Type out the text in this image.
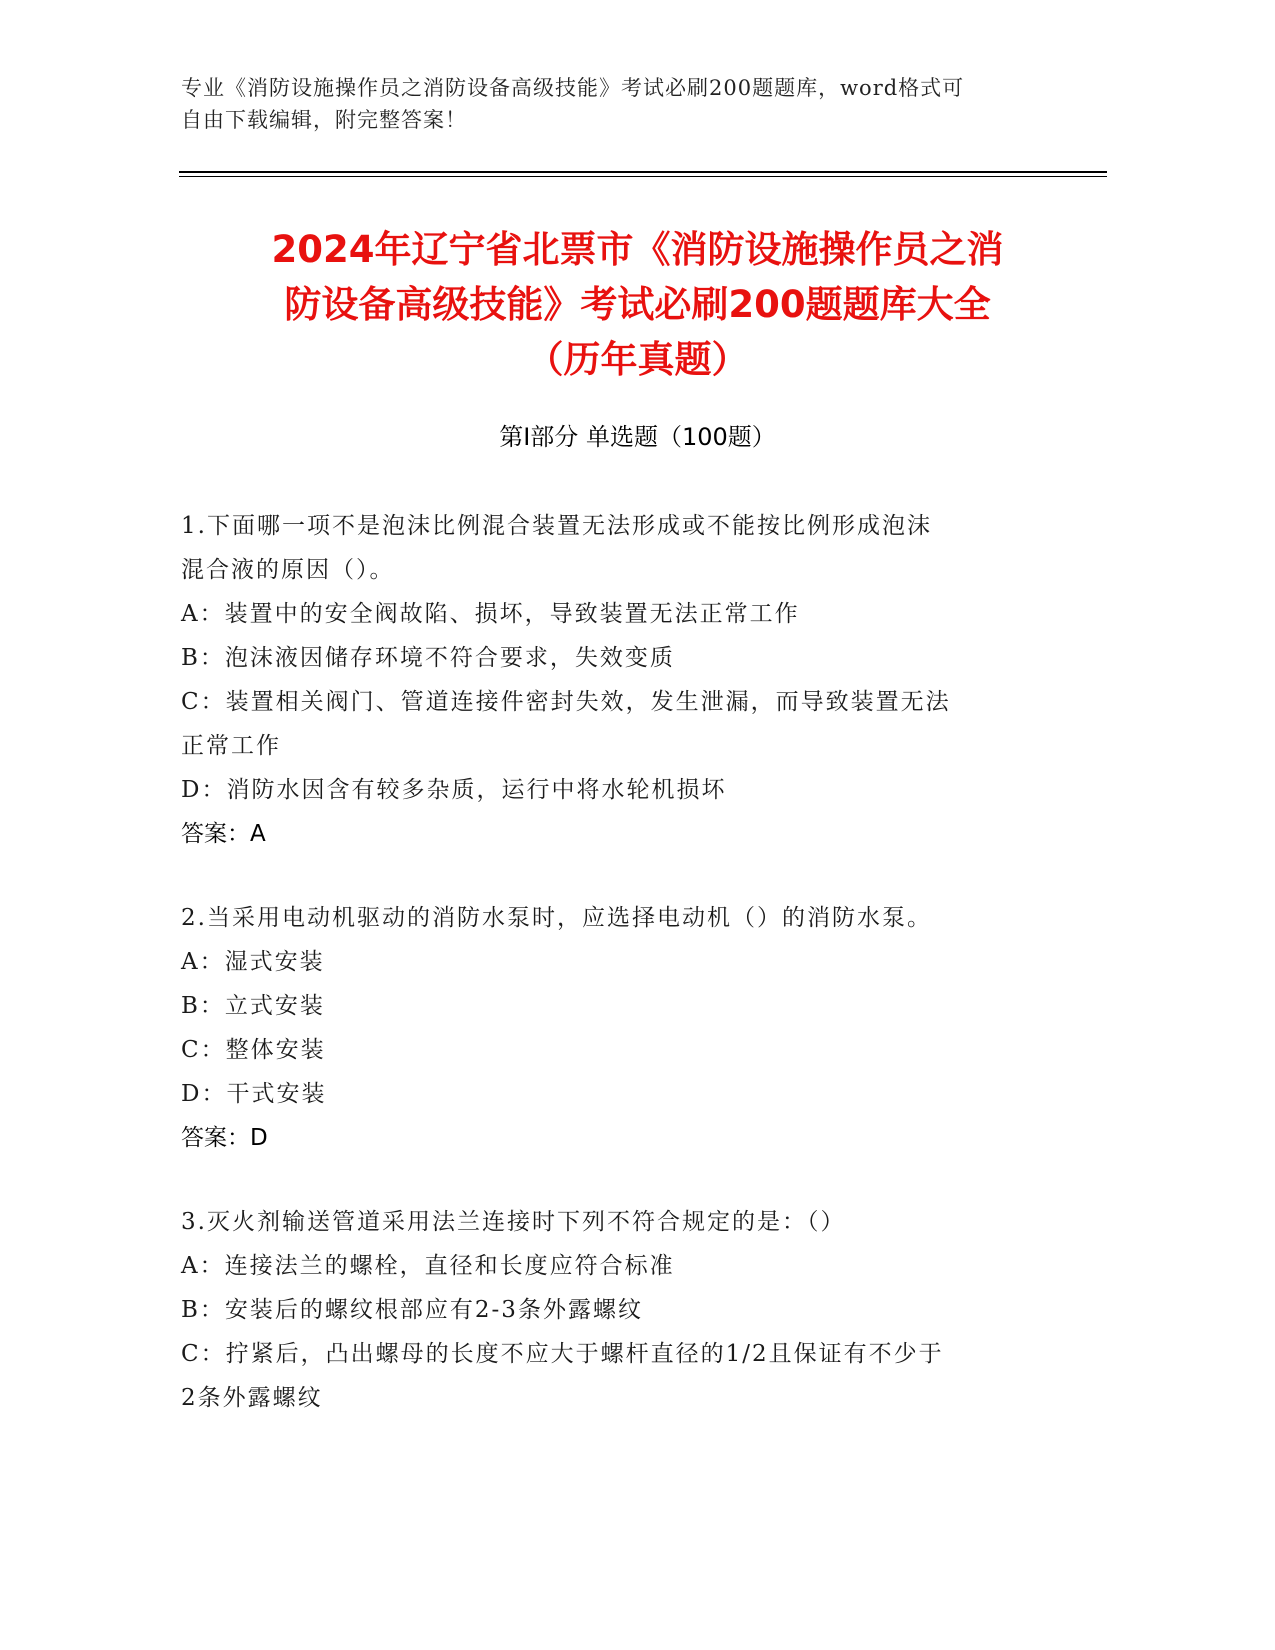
专业《消防设施操作员之消防设备高级技能》考试必刷200题题库，word格式可
自由下载编辑，附完整答案！
2024年辽宁省北票市《消防设施操作员之消
防设备高级技能》考试必刷200题题库大全
（历年真题）
第Ⅰ部分 单选题（100题）

1.下面哪一项不是泡沫比例混合装置无法形成或不能按比例形成泡沫

混合液的原因（）。

A：装置中的安全阀故陷、损坏，导致装置无法正常工作

B：泡沫液因储存环境不符合要求，失效变质

C：装置相关阀门、管道连接件密封失效，发生泄漏，而导致装置无法

正常工作

D：消防水因含有较多杂质，运行中将水轮机损坏

答案：A

2.当采用电动机驱动的消防水泵时，应选择电动机（）的消防水泵。

A：湿式安装

B：立式安装

C：整体安装

D：干式安装

答案：D

3.灭火剂输送管道采用法兰连接时下列不符合规定的是：（）

A：连接法兰的螺栓，直径和长度应符合标准

B：安装后的螺纹根部应有2-3条外露螺纹

C：拧紧后，凸出螺母的长度不应大于螺杆直径的1/2且保证有不少于

2条外露螺纹
